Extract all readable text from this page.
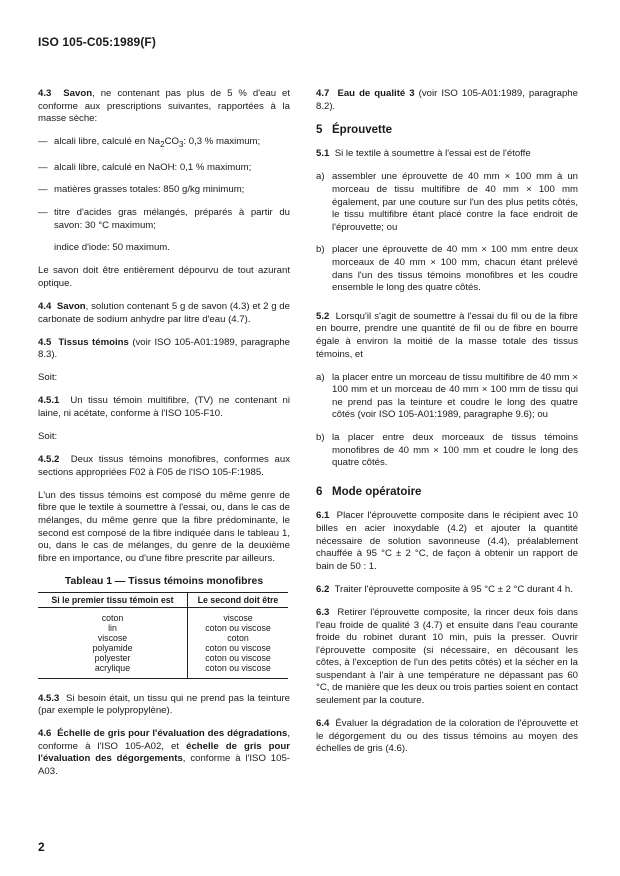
ISO 105-C05:1989(F)

4.3 Savon, ne contenant pas plus de 5 % d'eau et conforme aux prescriptions suivantes, rapportées à la masse sèche:

— alcali libre, calculé en $Na_2CO_3$: 0,3 % maximum;
— alcali libre, calculé en NaOH: 0,1 % maximum;
— matières grasses totales: 850 g/kg minimum;
— titre d'acides gras mélangés, préparés à partir du savon: 30 °C maximum;

indice d'iode: 50 maximum.

Le savon doit être entièrement dépourvu de tout azurant optique.

4.4 Savon, solution contenant 5 g de savon (4.3) et 2 g de carbonate de sodium anhydre par litre d'eau (4.7).

4.5 Tissus témoins (voir ISO 105-A01:1989, paragraphe 8.3).

Soit:

4.5.1 Un tissu témoin multifibre, (TV) ne contenant ni laine, ni acétate, conforme à l'ISO 105-F10.

Soit:

4.5.2 Deux tissus témoins monofibres, conformes aux sections appropriées F02 à F05 de l'ISO 105-F:1985.

L'un des tissus témoins est composé du même genre de fibre que le textile à soumettre à l'essai, ou, dans le cas de mélanges, du même genre que la fibre prédominante, le second est composé de la fibre indiquée dans le tableau 1, ou, dans le cas de mélanges, du genre de la deuxième fibre en importance, ou d'une fibre prescrite par ailleurs.

Tableau 1 — Tissus témoins monofibres
Si le premier tissu témoin est	Le second doit être
coton	viscose
lin	coton ou viscose
viscose	coton
polyamide	coton ou viscose
polyester	coton ou viscose
acrylique	coton ou viscose

4.5.3 Si besoin était, un tissu qui ne prend pas la teinture (par exemple le polypropylène).

4.6 Échelle de gris pour l'évaluation des dégradations, conforme à l'ISO 105-A02, et échelle de gris pour l'évaluation des dégorgements, conforme à l'ISO 105-A03.

4.7 Eau de qualité 3 (voir ISO 105-A01:1989, paragraphe 8.2).

5 Éprouvette

5.1 Si le textile à soumettre à l'essai est de l'étoffe

a) assembler une éprouvette de 40 mm × 100 mm à un morceau de tissu multifibre de 40 mm × 100 mm également, par une couture sur l'un des plus petits côtés, le tissu multifibre étant placé contre la face endroit de l'éprouvette; ou
b) placer une éprouvette de 40 mm × 100 mm entre deux morceaux de 40 mm × 100 mm, chacun étant prélevé dans l'un des tissus témoins monofibres et les coudre ensemble le long des quatre côtés.

5.2 Lorsqu'il s'agit de soumettre à l'essai du fil ou de la fibre en bourre, prendre une quantité de fil ou de fibre en bourre égale à environ la moitié de la masse totale des tissus témoins, et

a) la placer entre un morceau de tissu multifibre de 40 mm × 100 mm et un morceau de 40 mm × 100 mm de tissu qui ne prend pas la teinture et coudre le long des quatre côtés (voir ISO 105-A01:1989, paragraphe 9.6); ou
b) la placer entre deux morceaux de tissus témoins monofibres de 40 mm × 100 mm et coudre le long des quatre côtés.
6 Mode opératoire

6.1 Placer l'éprouvette composite dans le récipient avec 10 billes en acier inoxydable (4.2) et ajouter la quantité nécessaire de solution savonneuse (4.4), préalablement chauffée à 95 °C ± 2 °C, de façon à obtenir un rapport de bain de 50 : 1.

6.2 Traiter l'éprouvette composite à 95 °C ± 2 °C durant 4 h.

6.3 Retirer l'éprouvette composite, la rincer deux fois dans l'eau froide de qualité 3 (4.7) et ensuite dans l'eau courante froide du robinet durant 10 min, puis la presser. Ouvrir l'éprouvette composite (si nécessaire, en décousant les côtes, à l'exception de l'un des petits côtés) et la sécher en la suspendant à l'air à une température ne dépassant pas 60 °C, de manière que les deux ou trois parties soient en contact seulement par la couture.

6.4 Évaluer la dégradation de la coloration de l'éprouvette et le dégorgement du ou des tissus témoins au moyen des échelles de gris (4.6).

2
